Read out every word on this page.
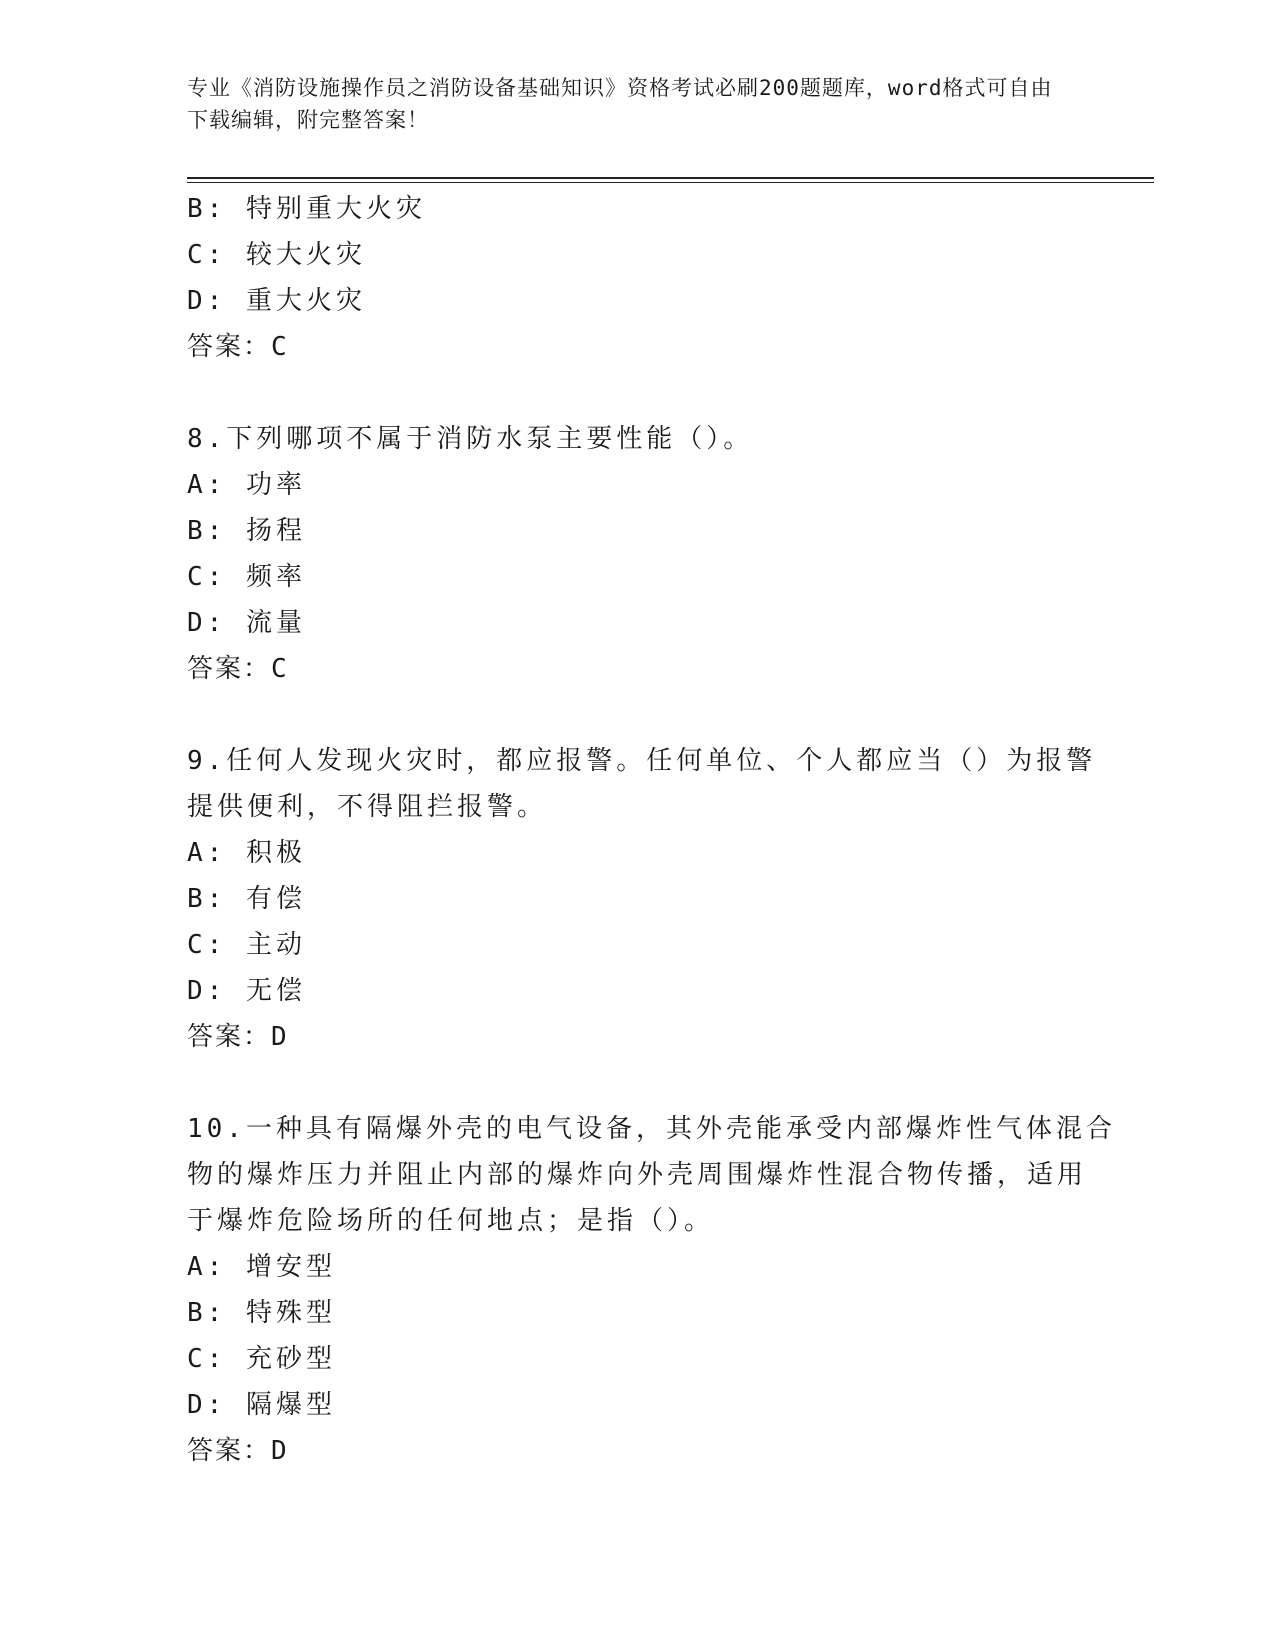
专业《消防设施操作员之消防设备基础知识》资格考试必刷200题题库，word格式可自由下载编辑，附完整答案！
B: 特别重大火灾
C: 较大火灾
D: 重大火灾
答案：C
8.下列哪项不属于消防水泵主要性能（）。
A: 功率
B: 扬程
C: 频率
D: 流量
答案：C
9.任何人发现火灾时，都应报警。任何单位、个人都应当（）为报警
提供便利，不得阻拦报警。
A: 积极
B: 有偿
C: 主动
D: 无偿
答案：D
10.一种具有隔爆外壳的电气设备，其外壳能承受内部爆炸性气体混合
物的爆炸压力并阻止内部的爆炸向外壳周围爆炸性混合物传播，适用
于爆炸危险场所的任何地点；是指（）。
A: 增安型
B: 特殊型
C: 充砂型
D: 隔爆型
答案：D
